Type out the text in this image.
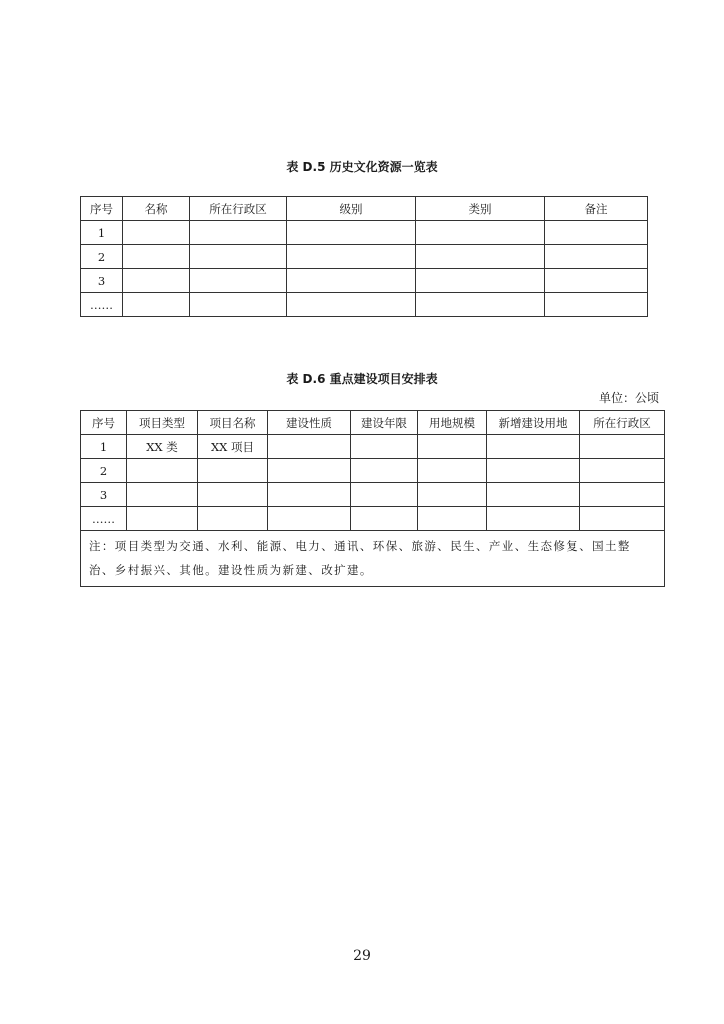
表 D.5 历史文化资源一览表
序号	名称	所在行政区	级别	类别	备注
1					
2					
3					
……					
表 D.6 重点建设项目安排表
单位：公顷
序号	项目类型	项目名称	建设性质	建设年限	用地规模	新增建设用地	所在行政区
1	XX 类	XX 项目					
2							
3							
……							
注：项目类型为交通、水利、能源、电力、通讯、环保、旅游、民生、产业、生态修复、国土整治、乡村振兴、其他。建设性质为新建、改扩建。							
29
